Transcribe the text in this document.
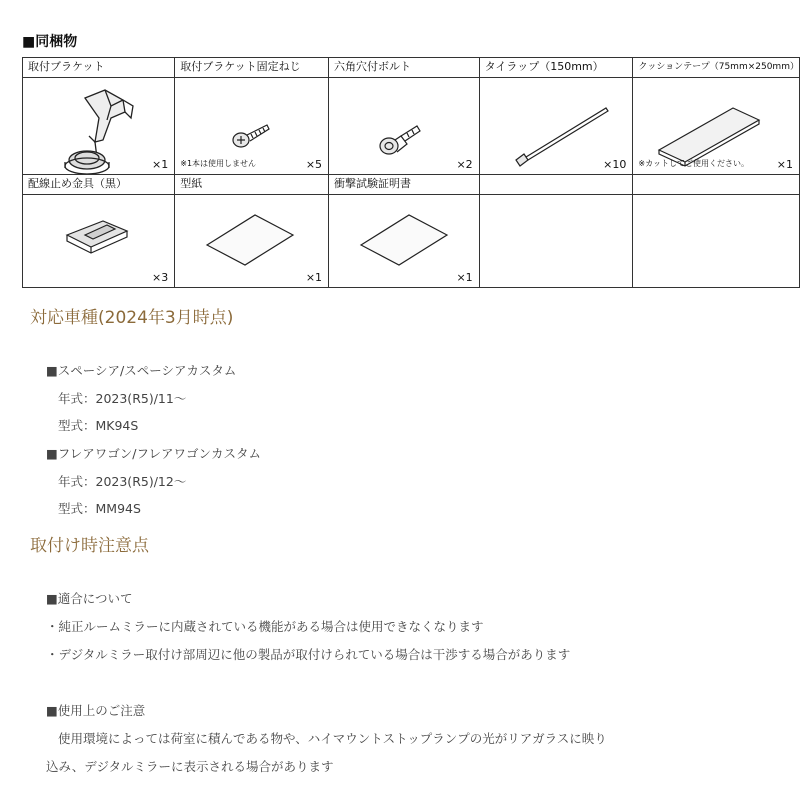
■同梱物
取付ブラケット	取付ブラケット固定ねじ	六角穴付ボルト	タイラップ（150mm）	クッションテープ（75mm×250mm）

×1	※1本は使用しません ×5	×2	×10	※カットしてご使用ください。 ×1

配線止め金具（黒）	型紙	衝撃試験証明書		

×3	×1	×1		

対応車種(2024年3月時点)
■スペーシア/スペーシアカスタム
年式：2023(R5)/11～
型式：MK94S
■フレアワゴン/フレアワゴンカスタム
年式：2023(R5)/12～
型式：MM94S
取付け時注意点
■適合について
・純正ルームミラーに内蔵されている機能がある場合は使用できなくなります
・デジタルミラー取付け部周辺に他の製品が取付けられている場合は干渉する場合があります
■使用上のご注意
使用環境によっては荷室に積んである物や、ハイマウントストップランプの光がリアガラスに映り
込み、デジタルミラーに表示される場合があります
